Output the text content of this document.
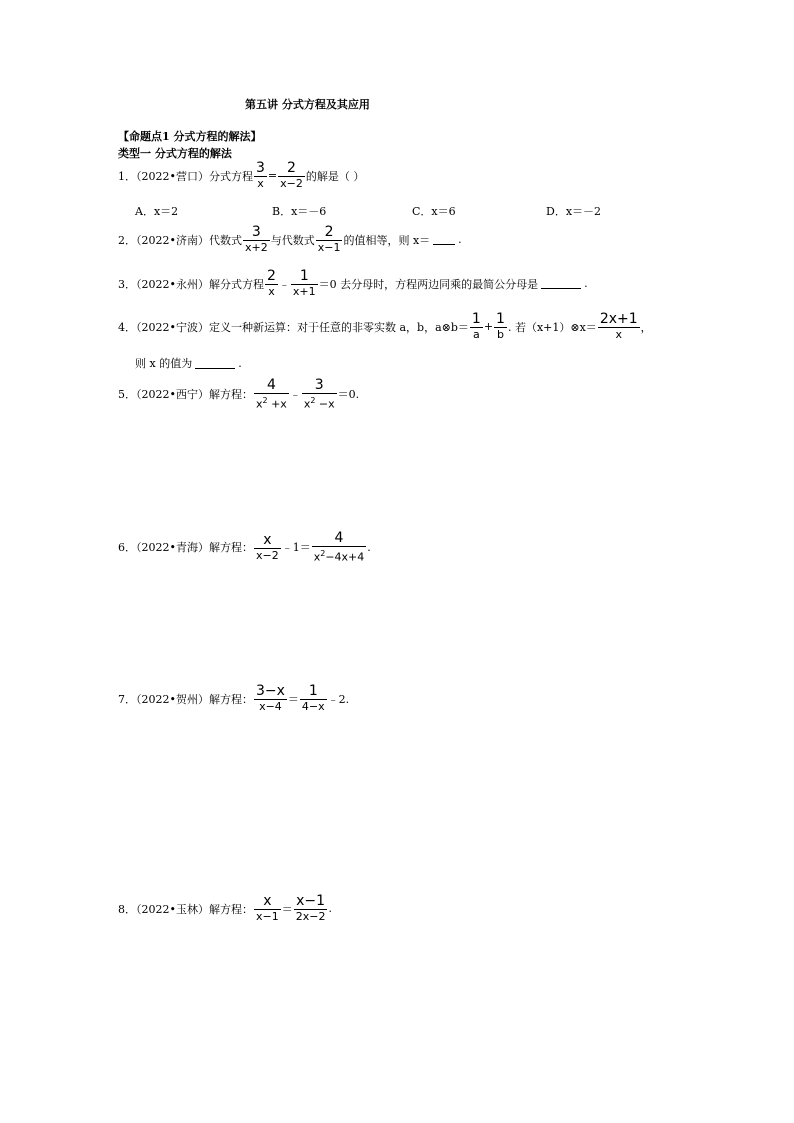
第五讲 分式方程及其应用
【命题点1 分式方程的解法】
类型一 分式方程的解法
1．（2022•营口）分式方程 $\frac{3}{x} = \frac{2}{x-2}$ 的解是（ ）
A．x＝2	B．x＝－6	C．x＝6	D．x＝－2
2．（2022•济南）代数式 $\frac{3}{x+2}$ 与代数式 $\frac{2}{x-1}$ 的值相等，则 x＝	.
3．（2022•永州）解分式方程 $\frac{2}{x}$ ﹣ $\frac{1}{x+1} =0$ 去分母时，方程两边同乘的最简公分母是	.
4．（2022•宁波）定义一种新运算：对于任意的非零实数 a，b，a⊗b＝ $\frac{1}{a} + \frac{1}{b}$ . 若（x+1）⊗x＝ $\frac{2x+1}{x}$ ，
则 x 的值为	.
5．（2022•西宁）解方程： $\frac{4}{x^2 +x}$ ﹣ $\frac{3}{x^2 -x} =0$.
6．（2022•青海）解方程： $\frac{x}{x-2}$ ﹣1＝ $\frac{4}{x^2-4x+4}$ .
7．（2022•贺州）解方程： $\frac{3-x}{x-4} = \frac{1}{4-x}$ ﹣2.
8．（2022•玉林）解方程： $\frac{x}{x-1} = \frac{x-1}{2x-2}$ .
